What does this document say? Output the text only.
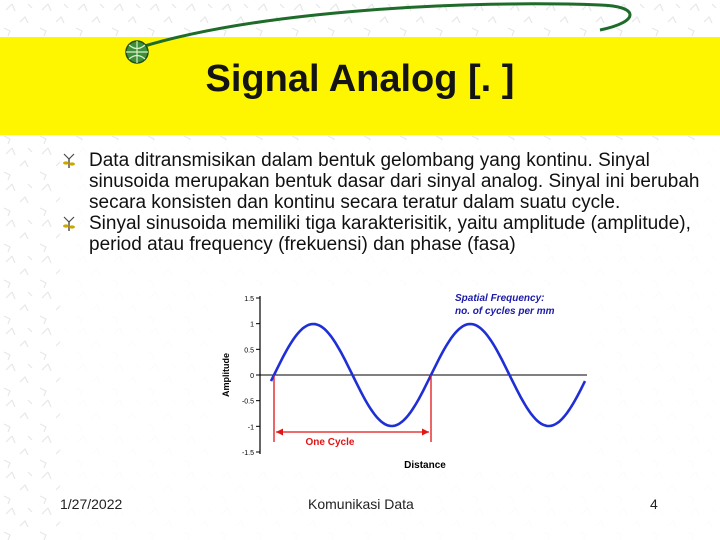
Signal Analog [. ]
Data ditransmisikan dalam bentuk gelombang yang kontinu. Sinyal sinusoida merupakan bentuk dasar dari sinyal analog. Sinyal ini berubah secara konsisten dan kontinu secara teratur dalam suatu cycle.
Sinyal sinusoida memiliki tiga karakterisitik, yaitu amplitude (amplitude), period atau frequency (frekuensi) dan phase (fasa)
1.5
1
0.5
0
-0.5
-1
-1.5
Amplitude
One Cycle
Distance
Spatial Frequency:
no. of cycles per mm
1/27/2022	Komunikasi Data	4
